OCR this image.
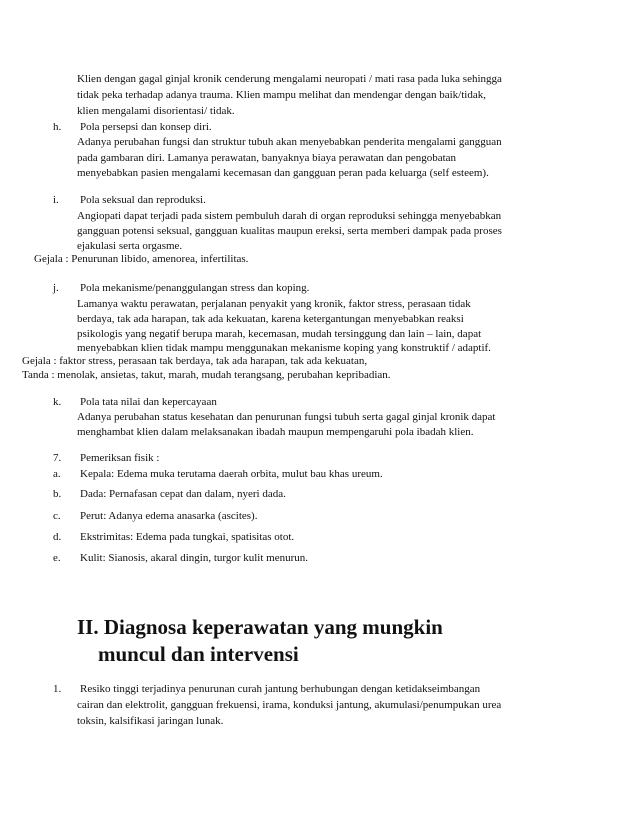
Klien dengan gagal ginjal kronik cenderung mengalami neuropati / mati rasa pada luka sehingga
tidak peka terhadap adanya trauma. Klien mampu melihat dan mendengar dengan baik/tidak,
klien mengalami disorientasi/ tidak.
h. Pola persepsi dan konsep diri.
Adanya perubahan fungsi dan struktur tubuh akan menyebabkan penderita mengalami gangguan
pada gambaran diri. Lamanya perawatan, banyaknya biaya perawatan dan pengobatan
menyebabkan pasien mengalami kecemasan dan gangguan peran pada keluarga (self esteem).
i. Pola seksual dan reproduksi.
Angiopati dapat terjadi pada sistem pembuluh darah di organ reproduksi sehingga menyebabkan
gangguan potensi seksual, gangguan kualitas maupun ereksi, serta memberi dampak pada proses
ejakulasi serta orgasme.
Gejala : Penurunan libido, amenorea, infertilitas.
j. Pola mekanisme/penanggulangan stress dan koping.
Lamanya waktu perawatan, perjalanan penyakit yang kronik, faktor stress, perasaan tidak
berdaya, tak ada harapan, tak ada kekuatan, karena ketergantungan menyebabkan reaksi
psikologis yang negatif berupa marah, kecemasan, mudah tersinggung dan lain – lain, dapat
menyebabkan klien tidak mampu menggunakan mekanisme koping yang konstruktif / adaptif.
Gejala : faktor stress, perasaan tak berdaya, tak ada harapan, tak ada kekuatan,
Tanda : menolak, ansietas, takut, marah, mudah terangsang, perubahan kepribadian.
k. Pola tata nilai dan kepercayaan
Adanya perubahan status kesehatan dan penurunan fungsi tubuh serta gagal ginjal kronik dapat
menghambat klien dalam melaksanakan ibadah maupun mempengaruhi pola ibadah klien.
7. Pemeriksan fisik :
a. Kepala: Edema muka terutama daerah orbita, mulut bau khas ureum.
b. Dada: Pernafasan cepat dan dalam, nyeri dada.
c. Perut: Adanya edema anasarka (ascites).
d. Ekstrimitas: Edema pada tungkai, spatisitas otot.
e. Kulit: Sianosis, akaral dingin, turgor kulit menurun.
II. Diagnosa keperawatan yang mungkin
muncul dan intervensi
1. Resiko tinggi terjadinya penurunan curah jantung berhubungan dengan ketidakseimbangan
cairan dan elektrolit, gangguan frekuensi, irama, konduksi jantung, akumulasi/penumpukan urea
toksin, kalsifikasi jaringan lunak.
